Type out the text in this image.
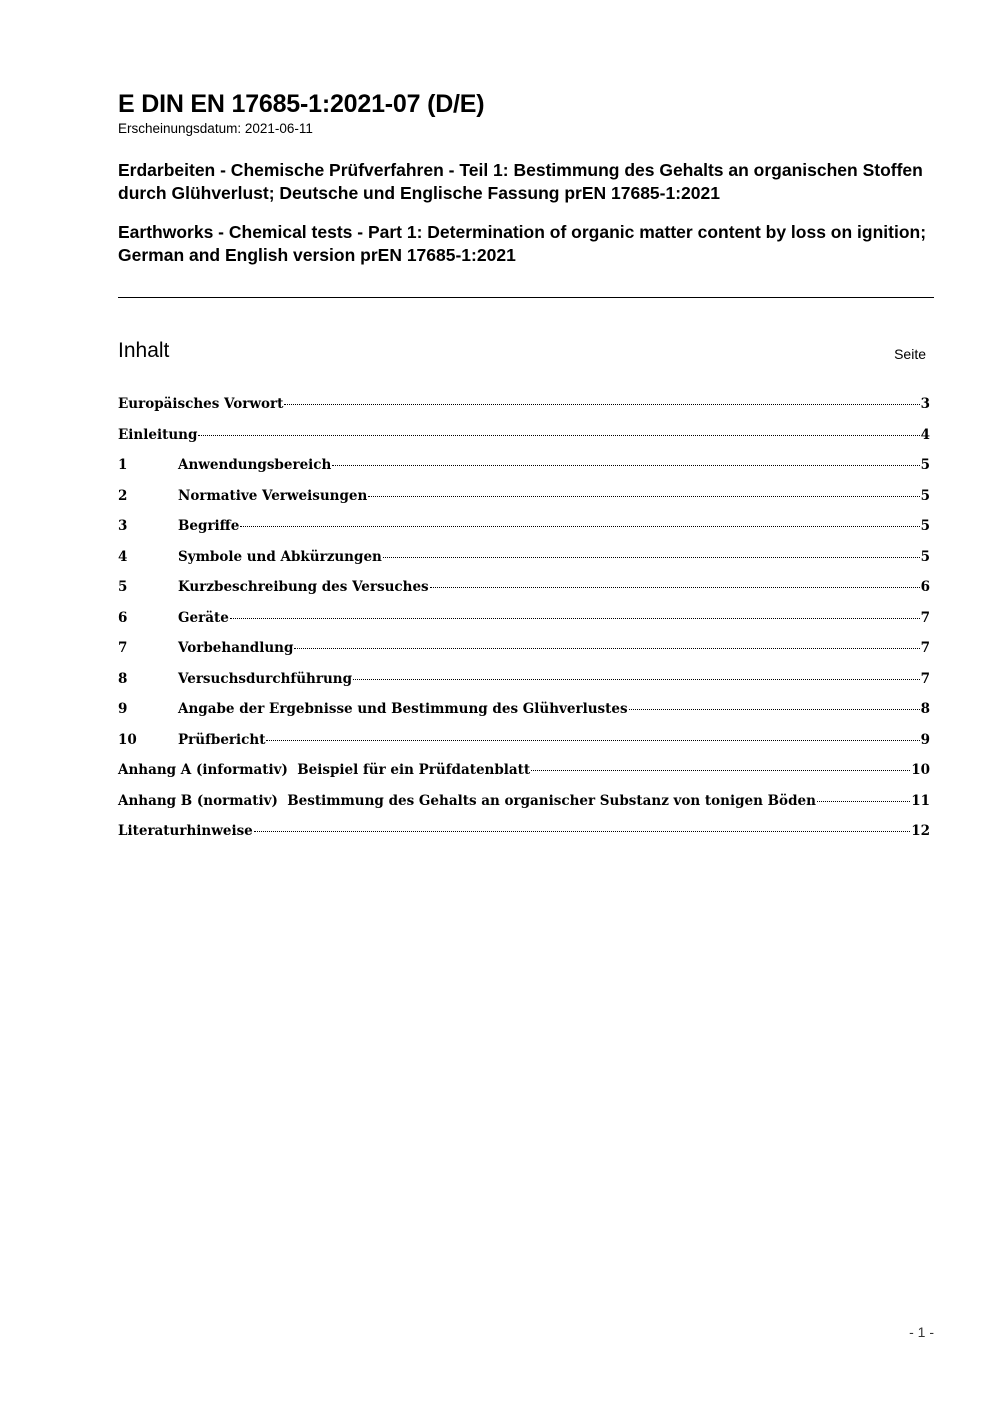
E DIN EN 17685-1:2021-07 (D/E)

Erscheinungsdatum: 2021-06-11

Erdarbeiten - Chemische Prüfverfahren - Teil 1: Bestimmung des Gehalts an organischen Stoffen durch Glühverlust; Deutsche und Englische Fassung prEN 17685-1:2021
Earthworks - Chemical tests - Part 1: Determination of organic matter content by loss on ignition; German and English version prEN 17685-1:2021
Inhalt	Seite
Europäisches Vorwort	3
Einleitung	4
1	Anwendungsbereich	5
2	Normative Verweisungen	5
3	Begriffe	5
4	Symbole und Abkürzungen	5
5	Kurzbeschreibung des Versuches	6
6	Geräte	7
7	Vorbehandlung	7
8	Versuchsdurchführung	7
9	Angabe der Ergebnisse und Bestimmung des Glühverlustes	8
10	Prüfbericht	9
Anhang A (informativ)  Beispiel für ein Prüfdatenblatt	10
Anhang B (normativ)  Bestimmung des Gehalts an organischer Substanz von tonigen Böden	11
Literaturhinweise	12
- 1 -
